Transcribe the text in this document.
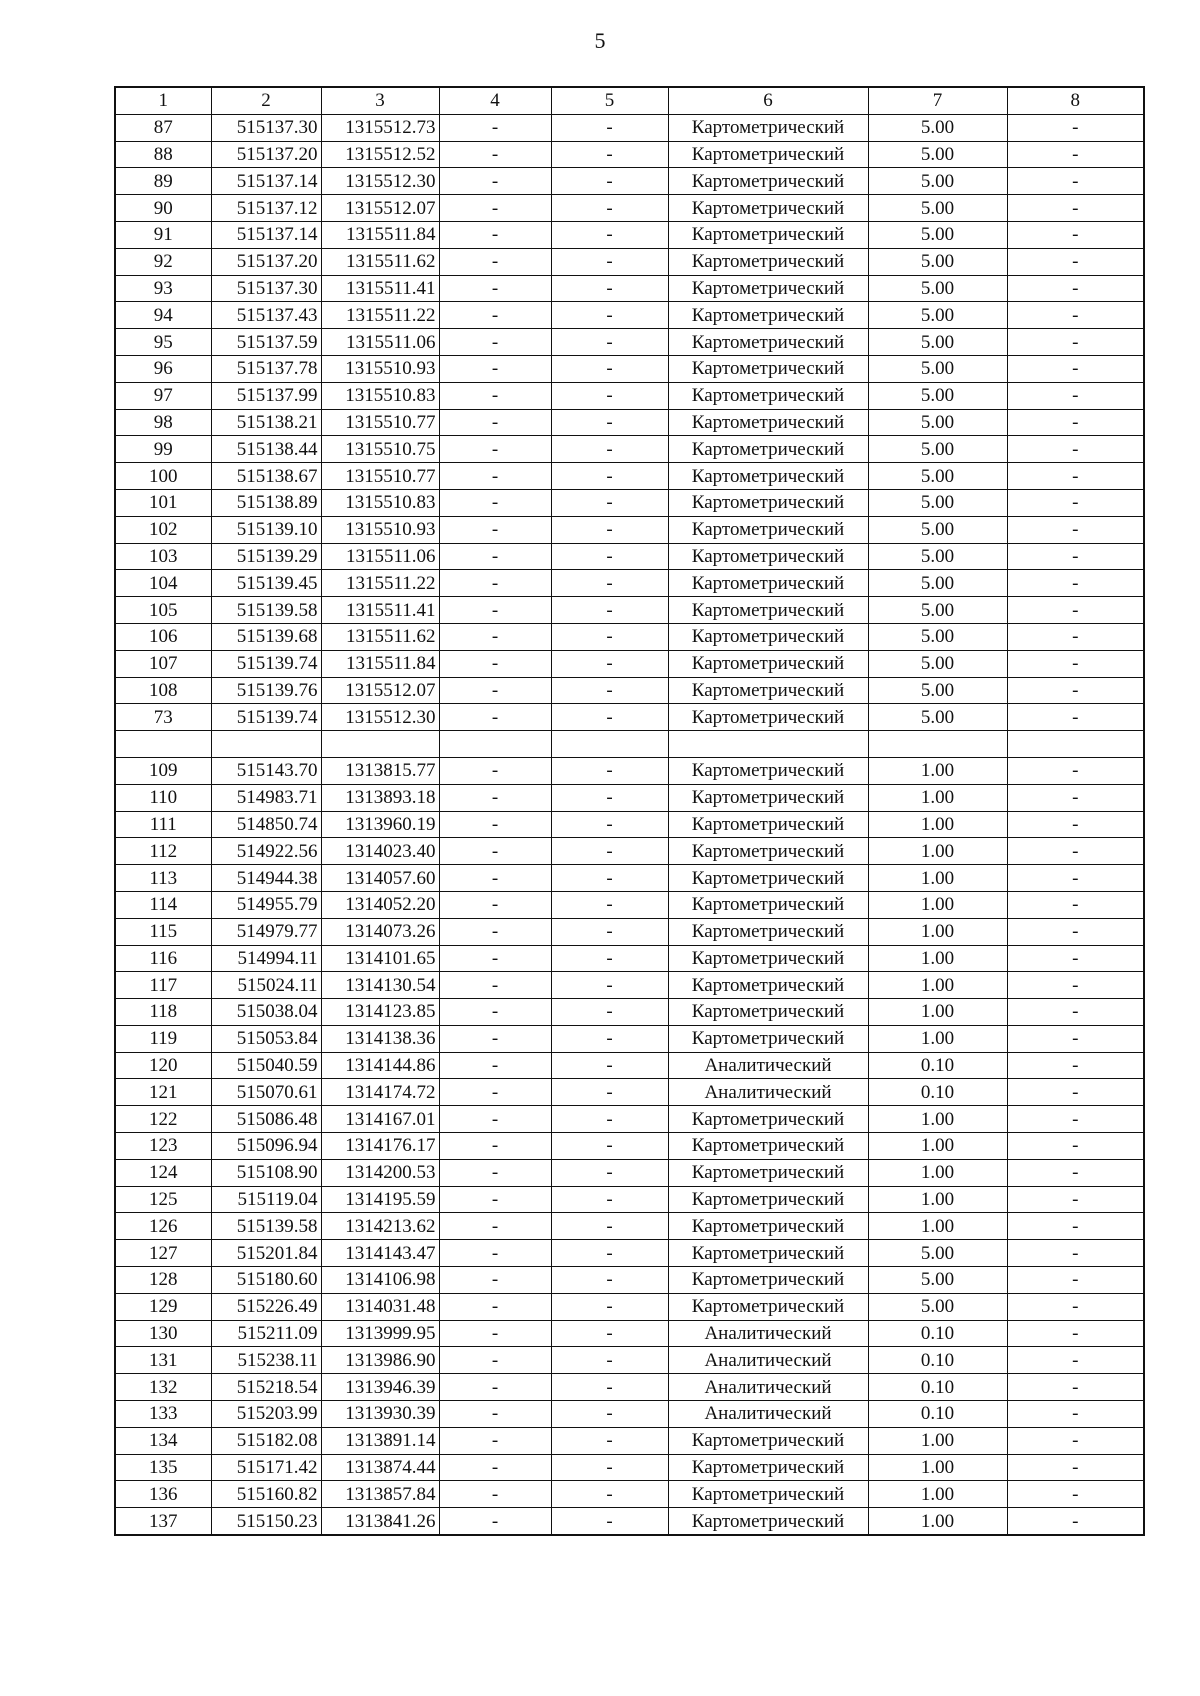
5
1	2	3	4	5	6	7	8
87	515137.30	1315512.73	-	-	Картометрический	5.00	-
88	515137.20	1315512.52	-	-	Картометрический	5.00	-
89	515137.14	1315512.30	-	-	Картометрический	5.00	-
90	515137.12	1315512.07	-	-	Картометрический	5.00	-
91	515137.14	1315511.84	-	-	Картометрический	5.00	-
92	515137.20	1315511.62	-	-	Картометрический	5.00	-
93	515137.30	1315511.41	-	-	Картометрический	5.00	-
94	515137.43	1315511.22	-	-	Картометрический	5.00	-
95	515137.59	1315511.06	-	-	Картометрический	5.00	-
96	515137.78	1315510.93	-	-	Картометрический	5.00	-
97	515137.99	1315510.83	-	-	Картометрический	5.00	-
98	515138.21	1315510.77	-	-	Картометрический	5.00	-
99	515138.44	1315510.75	-	-	Картометрический	5.00	-
100	515138.67	1315510.77	-	-	Картометрический	5.00	-
101	515138.89	1315510.83	-	-	Картометрический	5.00	-
102	515139.10	1315510.93	-	-	Картометрический	5.00	-
103	515139.29	1315511.06	-	-	Картометрический	5.00	-
104	515139.45	1315511.22	-	-	Картометрический	5.00	-
105	515139.58	1315511.41	-	-	Картометрический	5.00	-
106	515139.68	1315511.62	-	-	Картометрический	5.00	-
107	515139.74	1315511.84	-	-	Картометрический	5.00	-
108	515139.76	1315512.07	-	-	Картометрический	5.00	-
73	515139.74	1315512.30	-	-	Картометрический	5.00	-

109	515143.70	1313815.77	-	-	Картометрический	1.00	-
110	514983.71	1313893.18	-	-	Картометрический	1.00	-
111	514850.74	1313960.19	-	-	Картометрический	1.00	-
112	514922.56	1314023.40	-	-	Картометрический	1.00	-
113	514944.38	1314057.60	-	-	Картометрический	1.00	-
114	514955.79	1314052.20	-	-	Картометрический	1.00	-
115	514979.77	1314073.26	-	-	Картометрический	1.00	-
116	514994.11	1314101.65	-	-	Картометрический	1.00	-
117	515024.11	1314130.54	-	-	Картометрический	1.00	-
118	515038.04	1314123.85	-	-	Картометрический	1.00	-
119	515053.84	1314138.36	-	-	Картометрический	1.00	-
120	515040.59	1314144.86	-	-	Аналитический	0.10	-
121	515070.61	1314174.72	-	-	Аналитический	0.10	-
122	515086.48	1314167.01	-	-	Картометрический	1.00	-
123	515096.94	1314176.17	-	-	Картометрический	1.00	-
124	515108.90	1314200.53	-	-	Картометрический	1.00	-
125	515119.04	1314195.59	-	-	Картометрический	1.00	-
126	515139.58	1314213.62	-	-	Картометрический	1.00	-
127	515201.84	1314143.47	-	-	Картометрический	5.00	-
128	515180.60	1314106.98	-	-	Картометрический	5.00	-
129	515226.49	1314031.48	-	-	Картометрический	5.00	-
130	515211.09	1313999.95	-	-	Аналитический	0.10	-
131	515238.11	1313986.90	-	-	Аналитический	0.10	-
132	515218.54	1313946.39	-	-	Аналитический	0.10	-
133	515203.99	1313930.39	-	-	Аналитический	0.10	-
134	515182.08	1313891.14	-	-	Картометрический	1.00	-
135	515171.42	1313874.44	-	-	Картометрический	1.00	-
136	515160.82	1313857.84	-	-	Картометрический	1.00	-
137	515150.23	1313841.26	-	-	Картометрический	1.00	-
